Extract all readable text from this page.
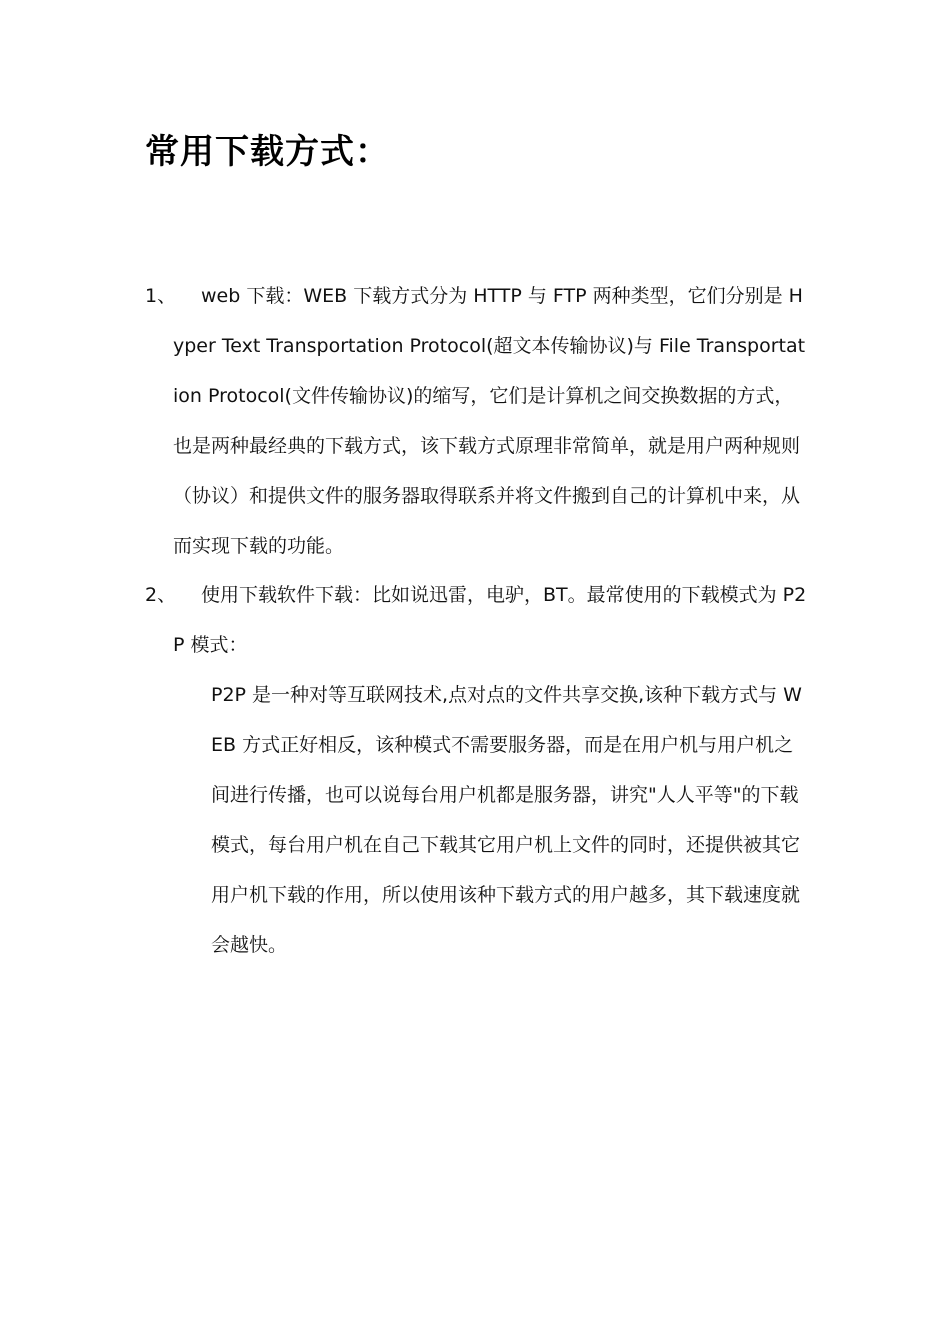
常用下载方式：
1、	web 下载：WEB 下载方式分为 HTTP 与 FTP 两种类型，它们分别是 Hyper Text Transportation Protocol(超文本传输协议)与 File Transportation Protocol(文件传输协议)的缩写，它们是计算机之间交换数据的方式，也是两种最经典的下载方式，该下载方式原理非常简单，就是用户两种规则（协议）和提供文件的服务器取得联系并将文件搬到自己的计算机中来，从而实现下载的功能。

2、	使用下载软件下载：比如说迅雷，电驴，BT。最常使用的下载模式为 P2P 模式：

P2P 是一种对等互联网技术,点对点的文件共享交换,该种下载方式与 WEB 方式正好相反，该种模式不需要服务器，而是在用户机与用户机之间进行传播，也可以说每台用户机都是服务器，讲究"人人平等"的下载模式，每台用户机在自己下载其它用户机上文件的同时，还提供被其它用户机下载的作用，所以使用该种下载方式的用户越多，其下载速度就会越快。
